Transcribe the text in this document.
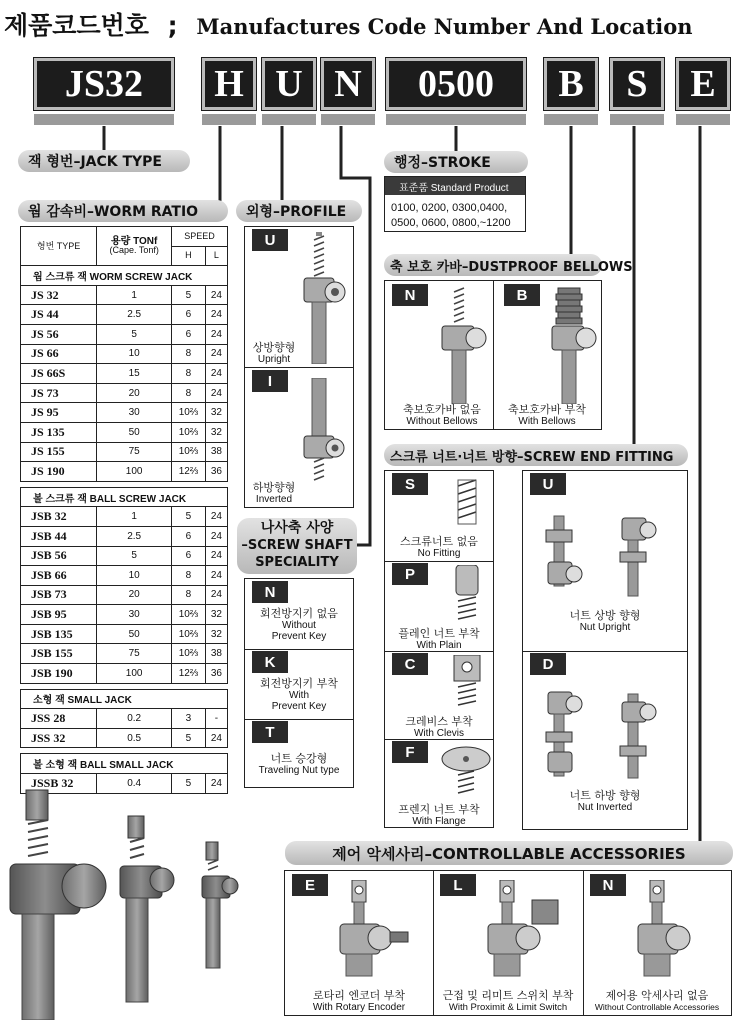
제품코드번호 ; Manufactures Code Number And Location
JS32	H U N	0500	B	S	E
잭 형번–JACK TYPE
웜 감속비–WORM RATIO	외형–PROFILE
행정–STROKE
축 보호 카바–DUSTPROOF BELLOWS
스크류 너트·너트 방향–SCREW END FITTING
제어 악세사리–CONTROLLABLE ACCESSORIES
나사축 사양
–SCREW SHAFT
SPECIALITY
형번 TYPE	용량 TONf
(Cape. Tonf)	SPEED	
		H	L
웜 스크류 잭 WORM SCREW JACK			
JS 32	1	5	24
JS 44	2.5	6	24
JS 56	5	6	24
JS 66	10	8	24
JS 66S	15	8	24
JS 73	20	8	24
JS 95	30	10⅔	32
JS 135	50	10⅔	32
JS 155	75	10⅔	38
JS 190	100	12⅔	36

볼 스크류 잭 BALL SCREW JACK			
JSB 32	1	5	24
JSB 44	2.5	6	24
JSB 56	5	6	24
JSB 66	10	8	24
JSB 73	20	8	24
JSB 95	30	10⅔	32
JSB 135	50	10⅔	32
JSB 155	75	10⅔	38
JSB 190	100	12⅔	36

소형 잭 SMALL JACK			
JSS 28	0.2	3	-
JSS 32	0.5	5	24

볼 소형 잭 BALL SMALL JACK			
JSSB 32	0.4	5	24
U
I
상방향형
Upright
하방향형
Inverted
표준품 Standard Product
0100, 0200, 0300,0400,
0500, 0600, 0800,~1200
N	B
축보호카바 없음
Without Bellows
축보호카바 부착
With Bellows
N
K
T
회전방지키 없음
Without
Prevent Key
회전방지키 부착
With
Prevent Key
너트 승강형
Traveling Nut type
S
P
C
F
스크류너트 없음
No Fitting
플레인 너트 부착
With Plain
크레비스 부착
With Clevis
프렌지 너트 부착
With Flange
U
D
너트 상방 향형
Nut Upright
너트 하방 향형
Nut Inverted
E	L	N
로타리 엔코더 부착
With Rotary Encoder
근접 및 리미트 스위치 부착
With Proximit & Limit Switch
제어용 악세사리 없음
Without Controllable Accessories
